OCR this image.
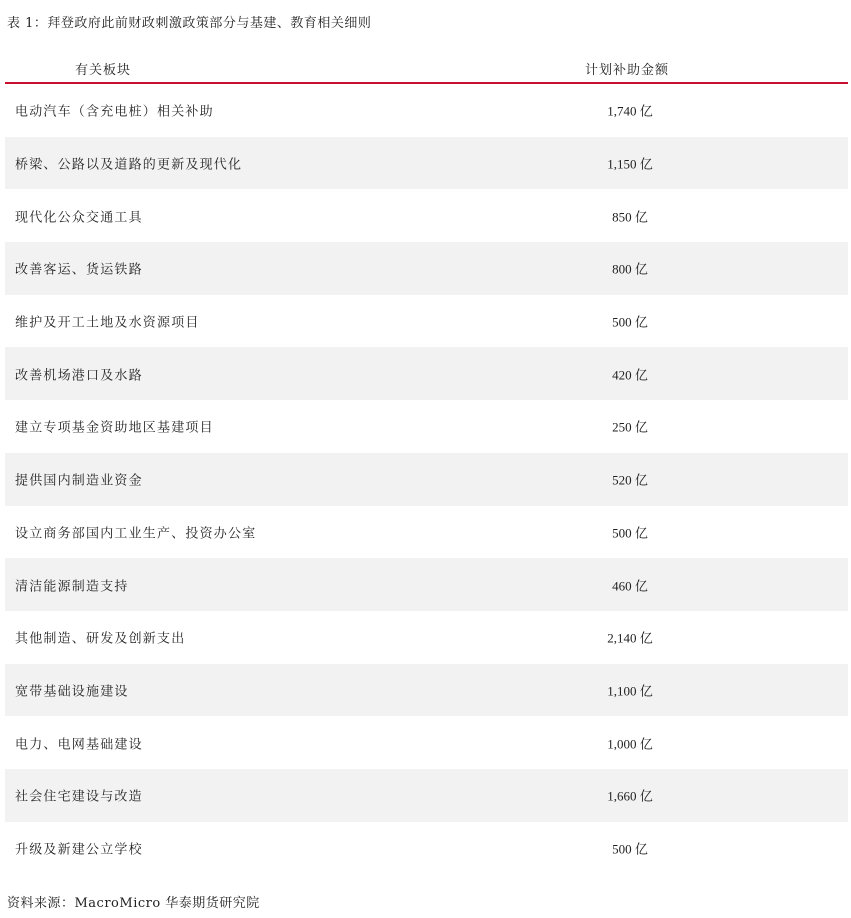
表 1：拜登政府此前财政刺激政策部分与基建、教育相关细则
有关板块	计划补助金额
电动汽车（含充电桩）相关补助	1,740 亿
桥梁、公路以及道路的更新及现代化	1,150 亿
现代化公众交通工具	850 亿
改善客运、货运铁路	800 亿
维护及开工土地及水资源项目	500 亿
改善机场港口及水路	420 亿
建立专项基金资助地区基建项目	250 亿
提供国内制造业资金	520 亿
设立商务部国内工业生产、投资办公室	500 亿
清洁能源制造支持	460 亿
其他制造、研发及创新支出	2,140 亿
宽带基础设施建设	1,100 亿
电力、电网基础建设	1,000 亿
社会住宅建设与改造	1,660 亿
升级及新建公立学校	500 亿
资料来源：MacroMicro 华泰期货研究院
